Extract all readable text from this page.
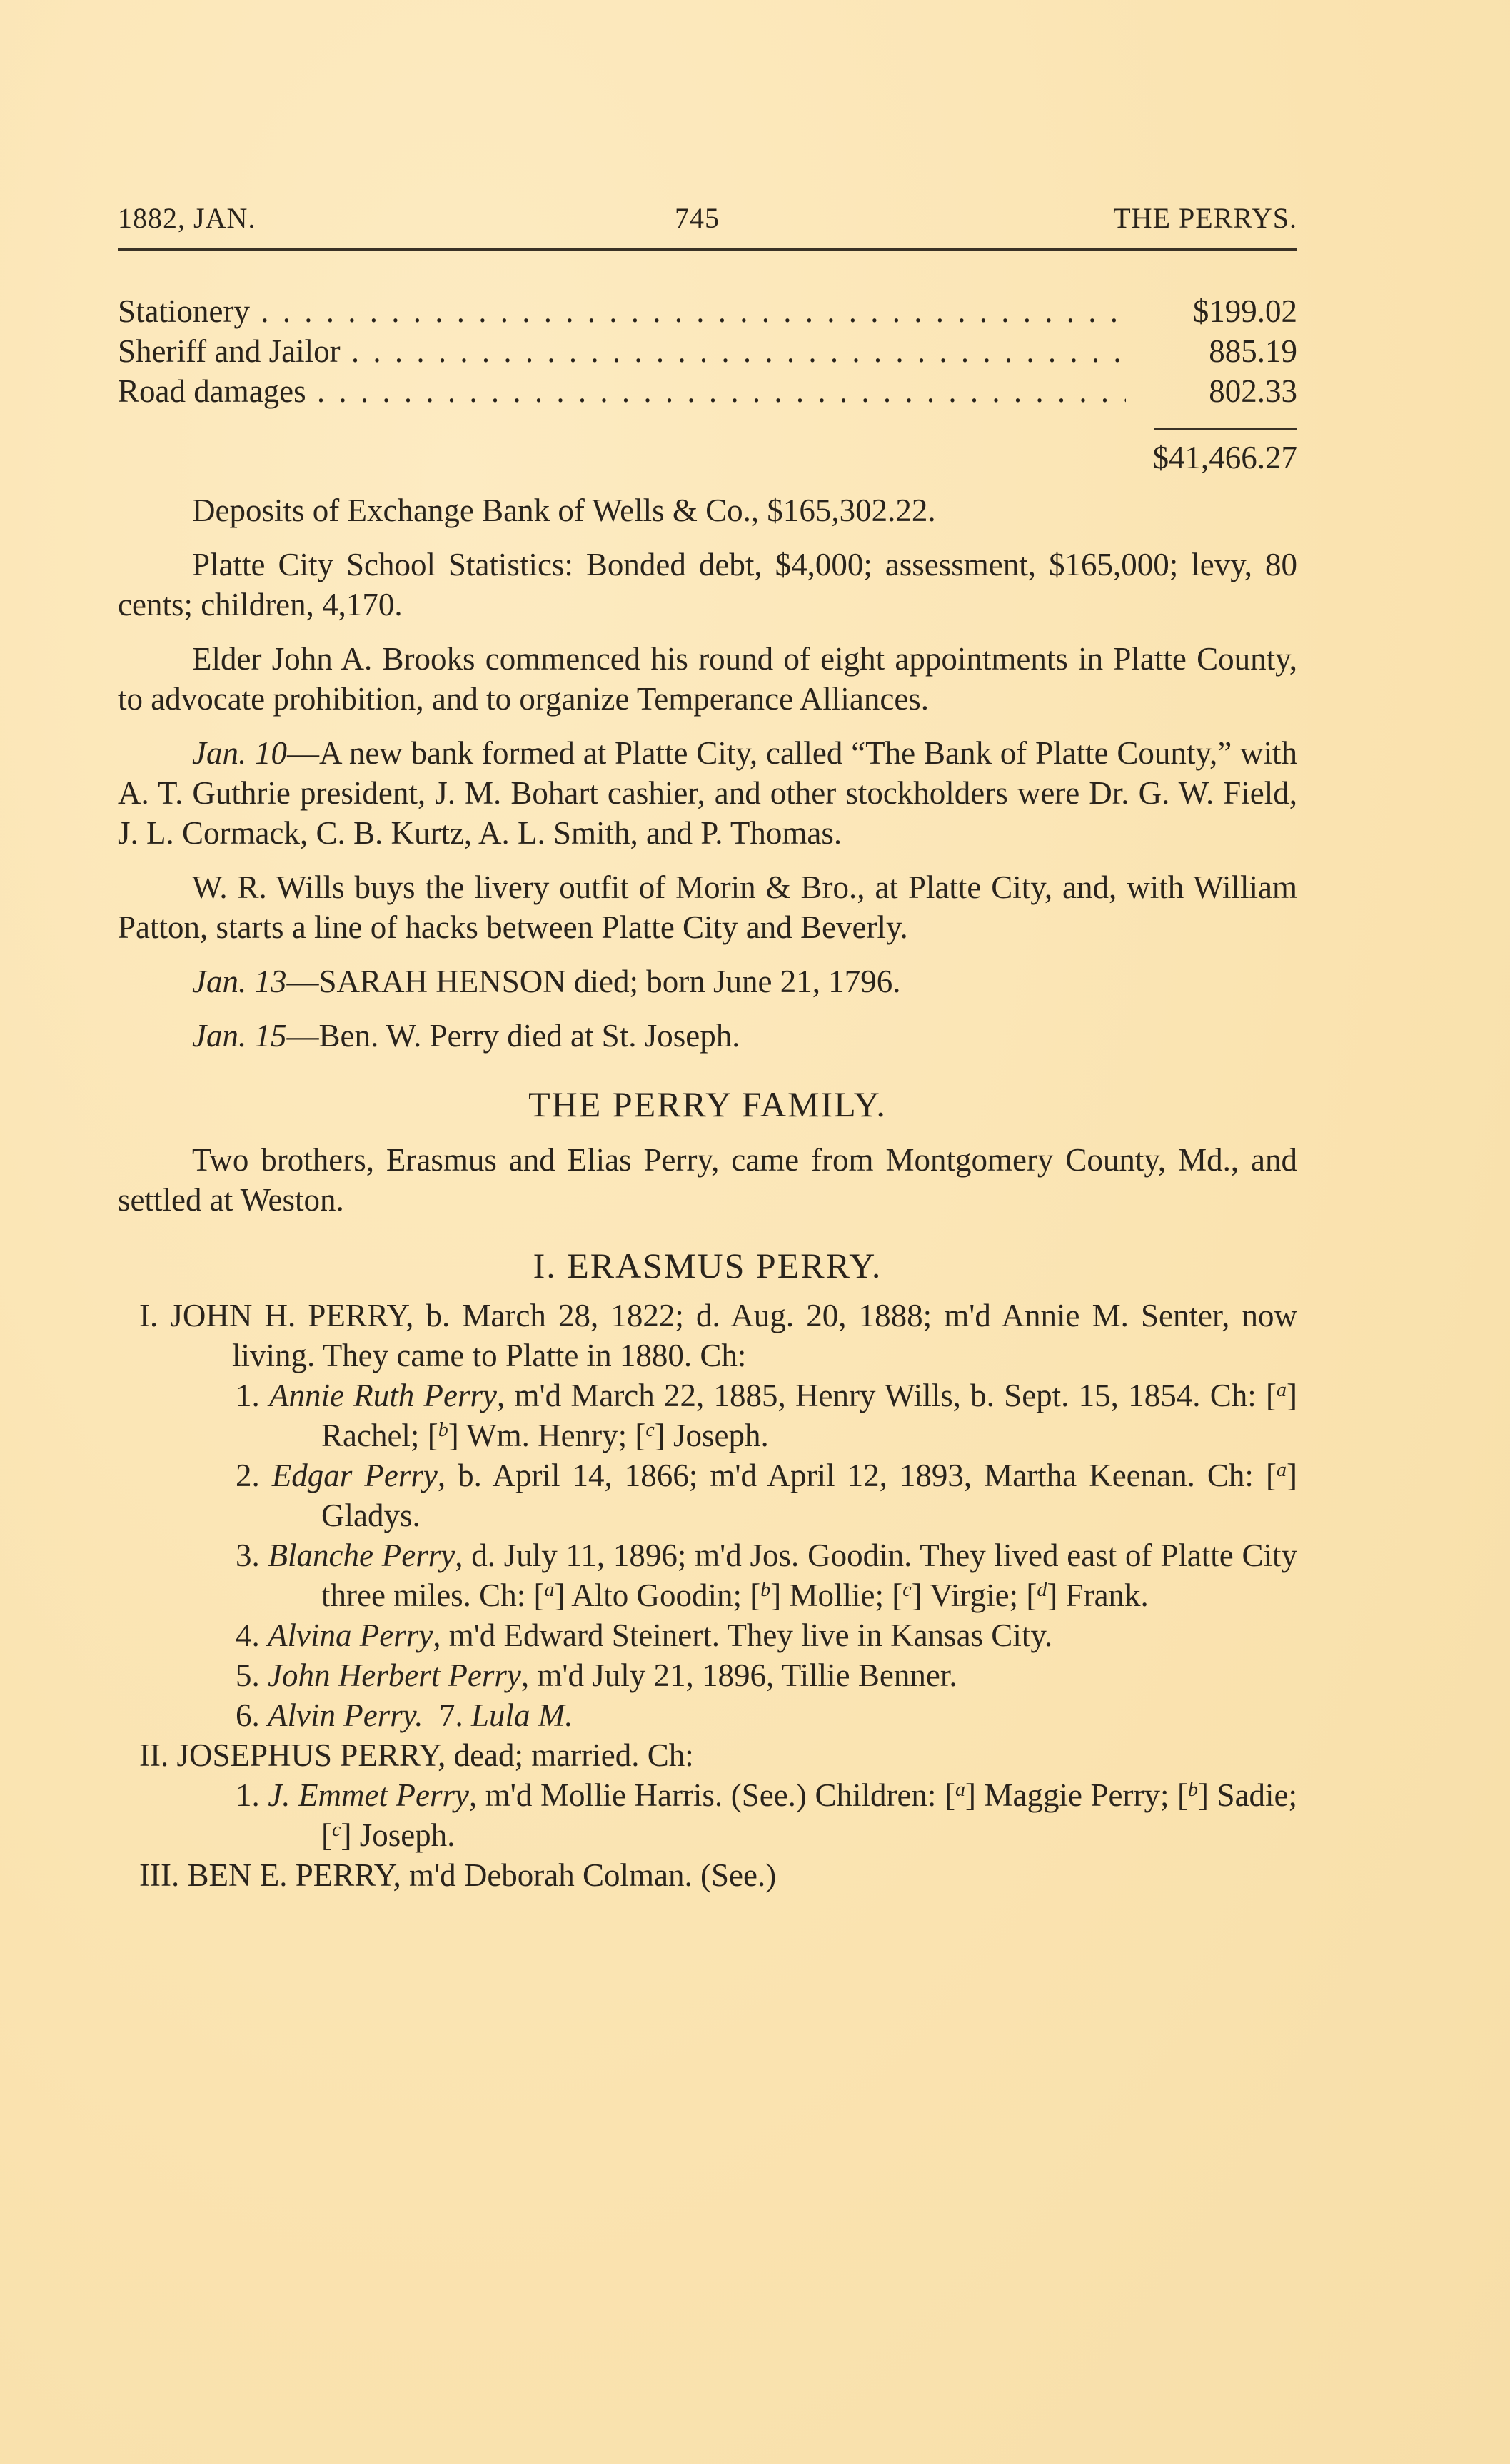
1882, JAN.	745	THE PERRYS.
Stationery . . .	$199.02
Sheriff and Jailor . . .	885.19
Road damages . . .	802.33
$41,466.27

Deposits of Exchange Bank of Wells & Co., $165,302.22.

Platte City School Statistics: Bonded debt, $4,000; assessment, $165,000; levy, 80 cents; children, 4,170.

Elder John A. Brooks commenced his round of eight appointments in Platte County, to advocate prohibition, and to organize Temperance Alliances.

Jan. 10—A new bank formed at Platte City, called “The Bank of Platte County,” with A. T. Guthrie president, J. M. Bohart cashier, and other stockholders were Dr. G. W. Field, J. L. Cormack, C. B. Kurtz, A. L. Smith, and P. Thomas.

W. R. Wills buys the livery outfit of Morin & Bro., at Platte City, and, with William Patton, starts a line of hacks between Platte City and Beverly.

Jan. 13—SARAH HENSON died; born June 21, 1796.

Jan. 15—Ben. W. Perry died at St. Joseph.

THE PERRY FAMILY.

Two brothers, Erasmus and Elias Perry, came from Montgomery County, Md., and settled at Weston.

I. ERASMUS PERRY.
I. JOHN H. PERRY, b. March 28, 1822; d. Aug. 20, 1888; m'd Annie M. Senter, now living. They came to Platte in 1880. Ch:
1. Annie Ruth Perry, m'd March 22, 1885, Henry Wills, b. Sept. 15, 1854. Ch: [$^a$] Rachel; [$^b$] Wm. Henry; [$^c$] Joseph.
2. Edgar Perry, b. April 14, 1866; m'd April 12, 1893, Martha Keenan. Ch: [$^a$] Gladys.
3. Blanche Perry, d. July 11, 1896; m'd Jos. Goodin. They lived east of Platte City three miles. Ch: [$^a$] Alto Goodin; [$^b$] Mollie; [$^c$] Virgie; [$^d$] Frank.
4. Alvina Perry, m'd Edward Steinert. They live in Kansas City.
5. John Herbert Perry, m'd July 21, 1896, Tillie Benner.
6. Alvin Perry. 7. Lula M.
II. JOSEPHUS PERRY, dead; married. Ch:
1. J. Emmet Perry, m'd Mollie Harris. (See.) Children: [$^a$] Maggie Perry; [$^b$] Sadie; [$^c$] Joseph.
III. BEN E. PERRY, m'd Deborah Colman. (See.)
